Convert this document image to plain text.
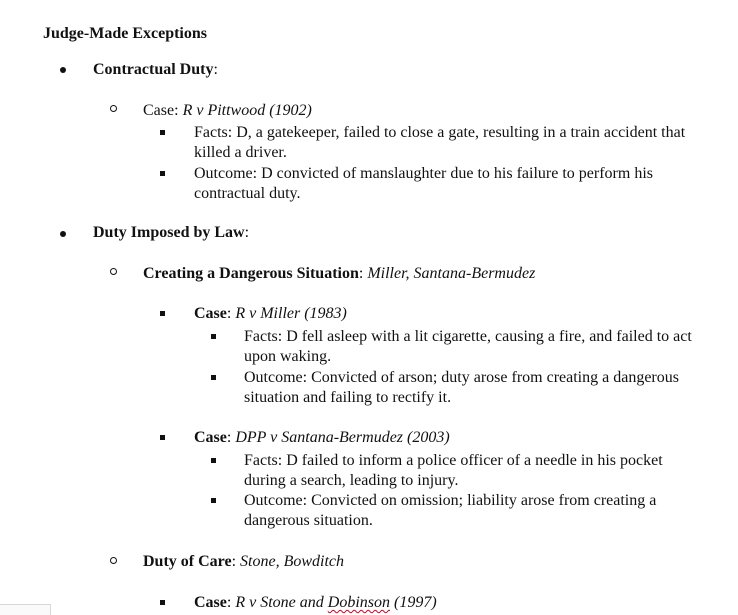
Judge-Made Exceptions
Contractual Duty:
Case: R v Pittwood (1902)
Facts: D, a gatekeeper, failed to close a gate, resulting in a train accident that
killed a driver.
Outcome: D convicted of manslaughter due to his failure to perform his
contractual duty.
Duty Imposed by Law:
Creating a Dangerous Situation: Miller, Santana-Bermudez
Case: R v Miller (1983)
Facts: D fell asleep with a lit cigarette, causing a fire, and failed to act
upon waking.
Outcome: Convicted of arson; duty arose from creating a dangerous
situation and failing to rectify it.
Case: DPP v Santana-Bermudez (2003)
Facts: D failed to inform a police officer of a needle in his pocket
during a search, leading to injury.
Outcome: Convicted on omission; liability arose from creating a
dangerous situation.
Duty of Care: Stone, Bowditch
Case: R v Stone and Dobinson (1997)
